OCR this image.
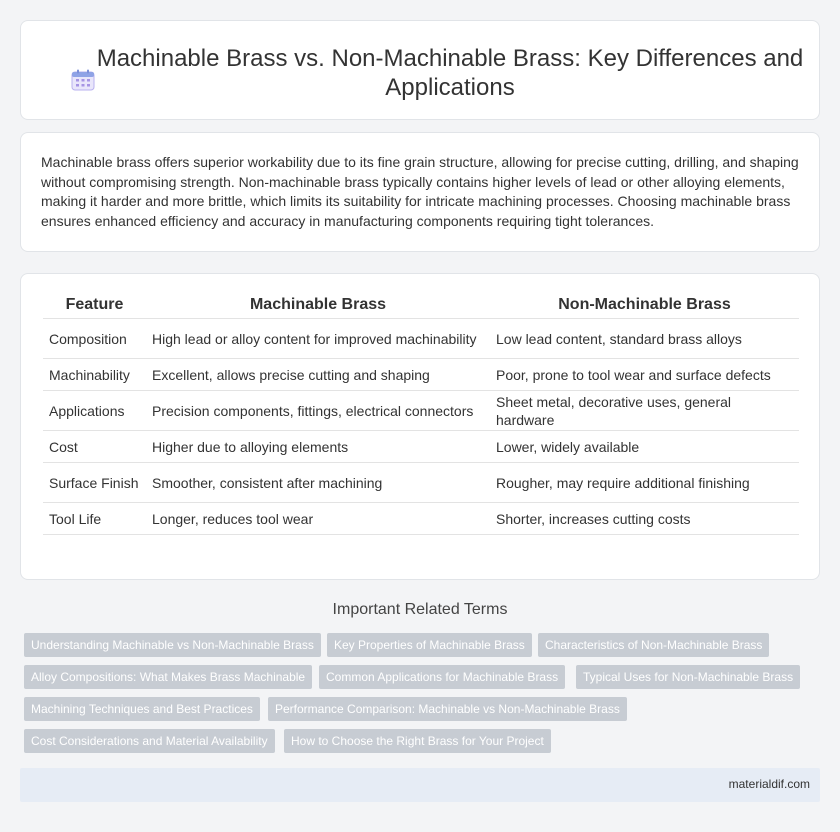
Machinable Brass vs. Non-Machinable Brass: Key Differences and Applications

Machinable brass offers superior workability due to its fine grain structure, allowing for precise cutting, drilling, and shaping without compromising strength. Non-machinable brass typically contains higher levels of lead or other alloying elements, making it harder and more brittle, which limits its suitability for intricate machining processes. Choosing machinable brass ensures enhanced efficiency and accuracy in manufacturing components requiring tight tolerances.

Feature	Machinable Brass	Non-Machinable Brass
Composition	High lead or alloy content for improved machinability	Low lead content, standard brass alloys
Machinability	Excellent, allows precise cutting and shaping	Poor, prone to tool wear and surface defects
Applications	Precision components, fittings, electrical connectors	Sheet metal, decorative uses, general hardware
Cost	Higher due to alloying elements	Lower, widely available
Surface Finish	Smoother, consistent after machining	Rougher, may require additional finishing
Tool Life	Longer, reduces tool wear	Shorter, increases cutting costs
Important Related Terms
Understanding Machinable vs Non-Machinable Brass	Key Properties of Machinable Brass	Characteristics of Non-Machinable Brass
Alloy Compositions: What Makes Brass Machinable	Common Applications for Machinable Brass	Typical Uses for Non-Machinable Brass
Machining Techniques and Best Practices	Performance Comparison: Machinable vs Non-Machinable Brass
Cost Considerations and Material Availability	How to Choose the Right Brass for Your Project
materialdif.com
